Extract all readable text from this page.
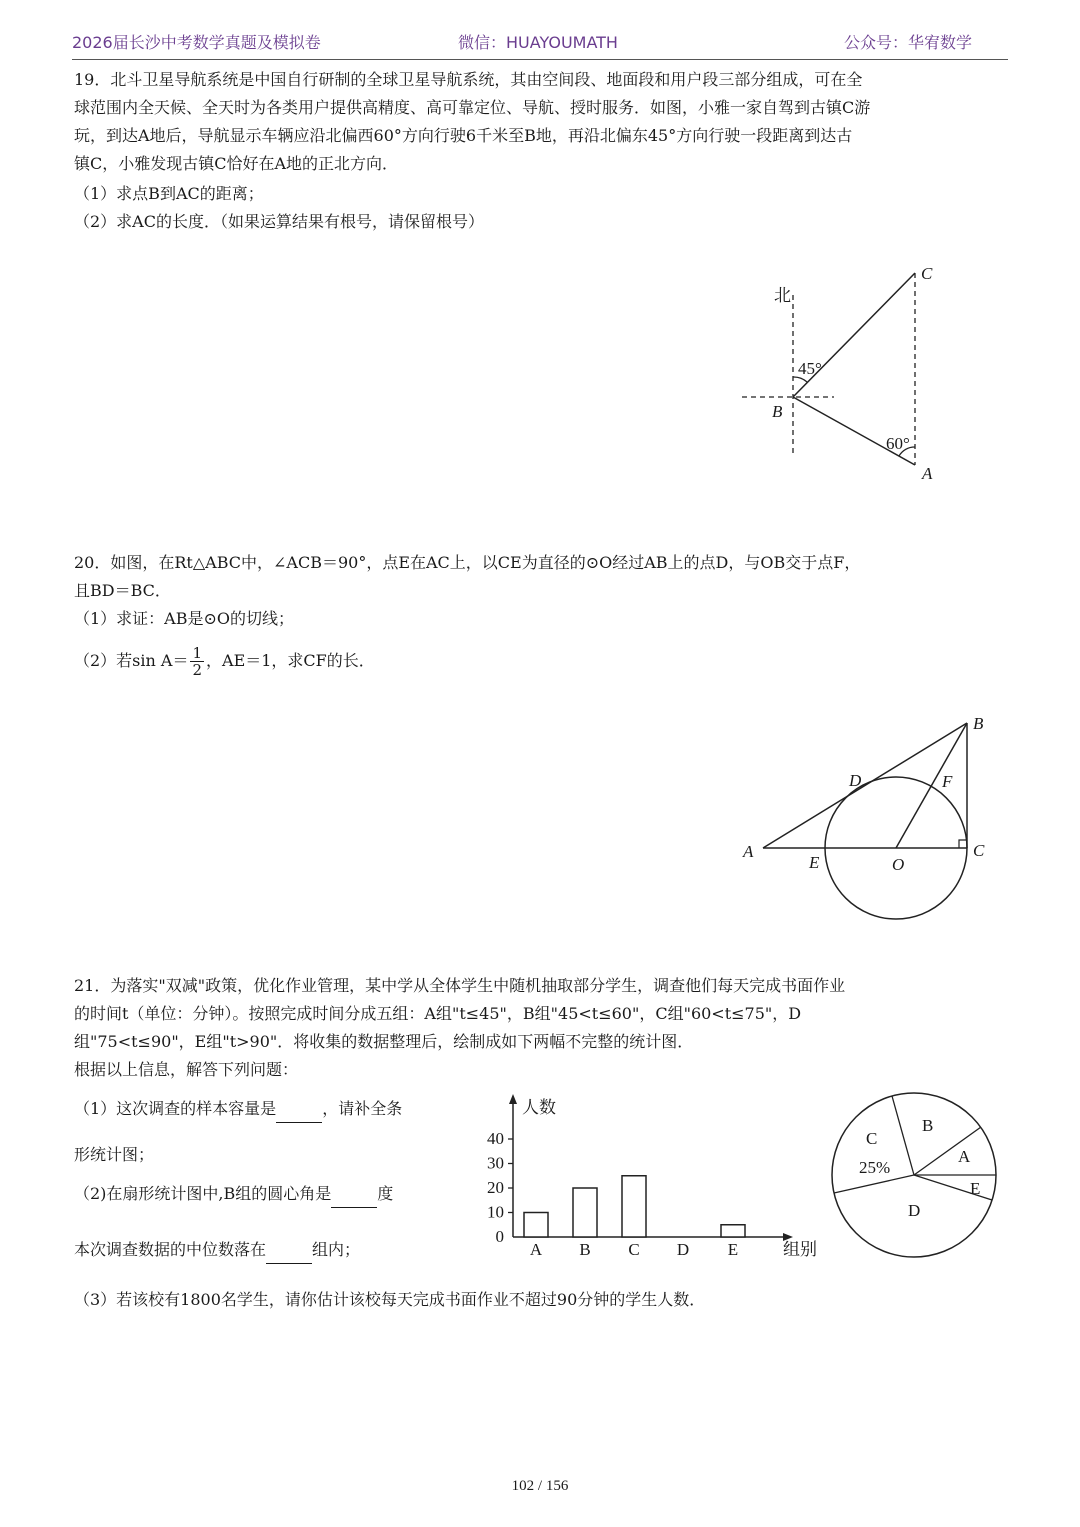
2026届长沙中考数学真题及模拟卷	微信：HUAYOUMATH	公众号：华宥数学
19．北斗卫星导航系统是中国自行研制的全球卫星导航系统，其由空间段、地面段和用户段三部分组成，可在全
球范围内全天候、全天时为各类用户提供高精度、高可靠定位、导航、授时服务．如图，小雅一家自驾到古镇C游
玩，到达A地后，导航显示车辆应沿北偏西60°方向行驶6千米至B地，再沿北偏东45°方向行驶一段距离到达古
镇C，小雅发现古镇C恰好在A地的正北方向．
（1）求点B到AC的距离；
（2）求AC的长度．（如果运算结果有根号，请保留根号）
北
45°
60°
B
A
C
20．如图，在Rt△ABC中，∠ACB＝90°，点E在AC上，以CE为直径的⊙O经过AB上的点D，与OB交于点F，
且BD＝BC．
（1）求证：AB是⊙O的切线；
（2）若$\sin A= \frac{1}{2}$ ，AE＝1，求CF的长．
A
B
C
D
E
F
O
21．为落实"双减"政策，优化作业管理，某中学从全体学生中随机抽取部分学生，调查他们每天完成书面作业
的时间t（单位：分钟）。按照完成时间分成五组：A组"t≤45"，B组"45<t≤60"，C组"60<t≤75"，D
组"75<t≤90"，E组"t>90"．将收集的数据整理后，绘制成如下两幅不完整的统计图．
根据以上信息，解答下列问题：
（1）这次调查的样本容量是	，请补全条
形统计图；
（2)在扇形统计图中,B组的圆心角是	度
本次调查数据的中位数落在	组内；
（3）若该校有1800名学生，请你估计该校每天完成书面作业不超过90分钟的学生人数．
人数
组别
0
10
20
30
40
A B C D E
C
25%
B
A
E
D
102 / 156
